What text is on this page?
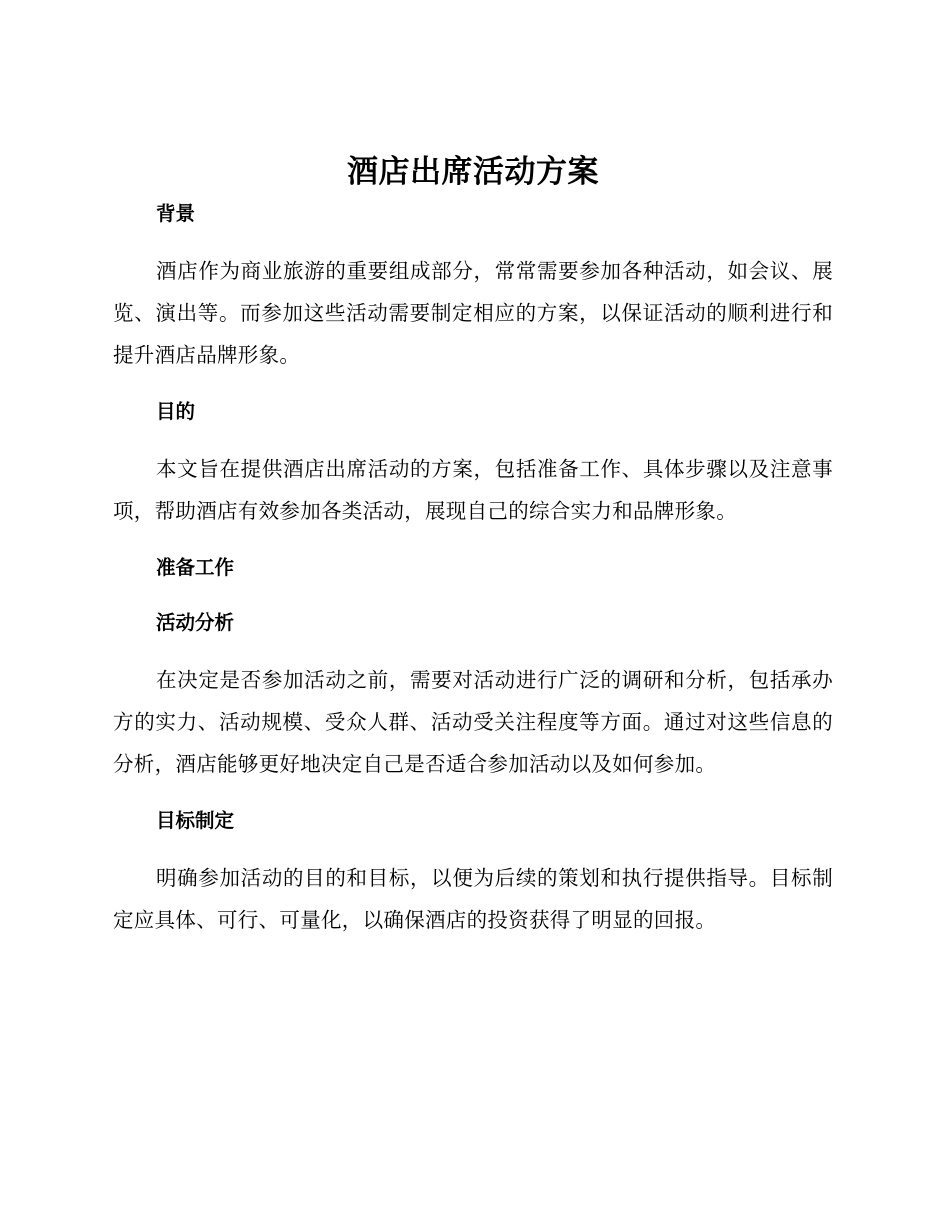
酒店出席活动方案
背景

酒店作为商业旅游的重要组成部分，常常需要参加各种活动，如会议、展览、演出等。而参加这些活动需要制定相应的方案，以保证活动的顺利进行和提升酒店品牌形象。

目的

本文旨在提供酒店出席活动的方案，包括准备工作、具体步骤以及注意事项，帮助酒店有效参加各类活动，展现自己的综合实力和品牌形象。

准备工作
活动分析

在决定是否参加活动之前，需要对活动进行广泛的调研和分析，包括承办方的实力、活动规模、受众人群、活动受关注程度等方面。通过对这些信息的分析，酒店能够更好地决定自己是否适合参加活动以及如何参加。

目标制定

明确参加活动的目的和目标，以便为后续的策划和执行提供指导。目标制定应具体、可行、可量化，以确保酒店的投资获得了明显的回报。
